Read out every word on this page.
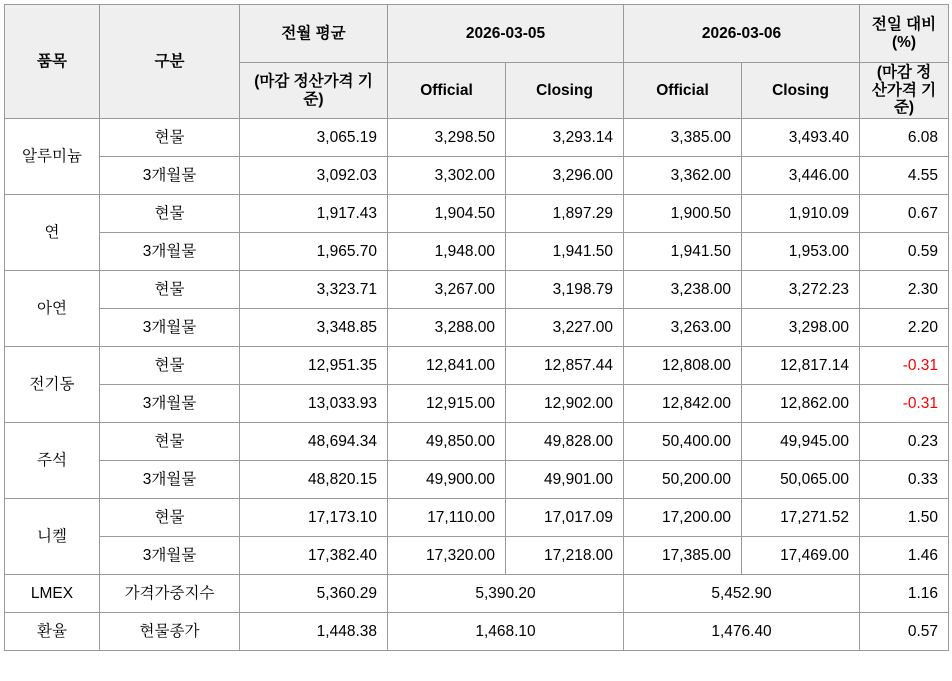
품목	구분	전월 평균	2026-03-05		2026-03-06		전일 대비(%)
		(마감 정산가격 기준)	Official	Closing	Official	Closing	(마감 정산가격 기준)
알루미늄	현물	3,065.19	3,298.50	3,293.14	3,385.00	3,493.40	6.08
	3개월물	3,092.03	3,302.00	3,296.00	3,362.00	3,446.00	4.55
연	현물	1,917.43	1,904.50	1,897.29	1,900.50	1,910.09	0.67
	3개월물	1,965.70	1,948.00	1,941.50	1,941.50	1,953.00	0.59
아연	현물	3,323.71	3,267.00	3,198.79	3,238.00	3,272.23	2.30
	3개월물	3,348.85	3,288.00	3,227.00	3,263.00	3,298.00	2.20
전기동	현물	12,951.35	12,841.00	12,857.44	12,808.00	12,817.14	-0.31
	3개월물	13,033.93	12,915.00	12,902.00	12,842.00	12,862.00	-0.31
주석	현물	48,694.34	49,850.00	49,828.00	50,400.00	49,945.00	0.23
	3개월물	48,820.15	49,900.00	49,901.00	50,200.00	50,065.00	0.33
니켈	현물	17,173.10	17,110.00	17,017.09	17,200.00	17,271.52	1.50
	3개월물	17,382.40	17,320.00	17,218.00	17,385.00	17,469.00	1.46
LMEX	가격가중지수	5,360.29	5,390.20		5,452.90		1.16
환율	현물종가	1,448.38	1,468.10		1,476.40		0.57
